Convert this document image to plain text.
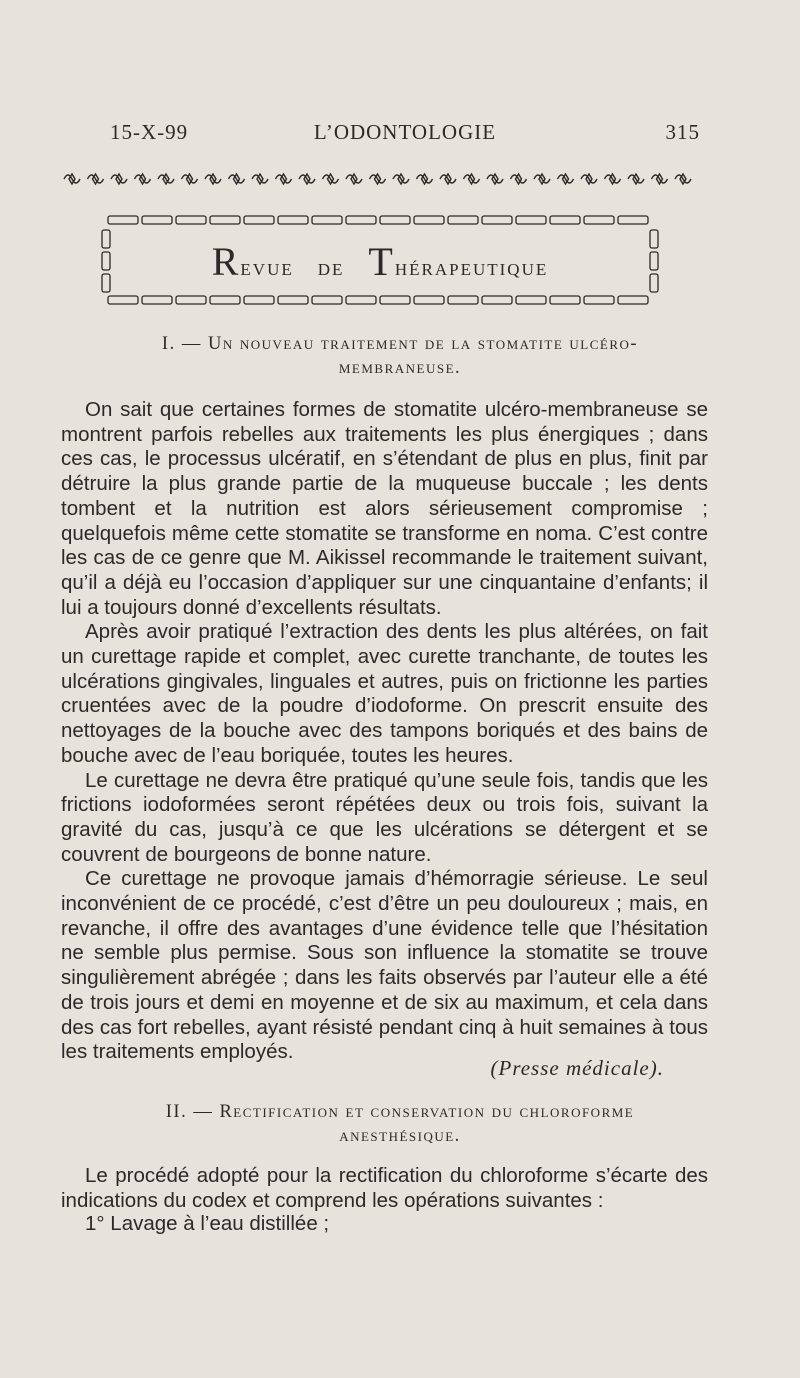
15-X-99	L’ODONTOLOGIE	315
Revue de Thérapeutique
I. — Un nouveau traitement de la stomatite ulcéro-
membraneuse.

On sait que certaines formes de stomatite ulcéro-membraneuse se montrent parfois rebelles aux traitements les plus énergiques ; dans ces cas, le processus ulcératif, en s’étendant de plus en plus, finit par détruire la plus grande partie de la muqueuse buccale ; les dents tombent et la nutrition est alors sérieusement compromise ; quelquefois même cette stomatite se transforme en noma. C’est contre les cas de ce genre que M. Aikissel recommande le traitement suivant, qu’il a déjà eu l’occasion d’appliquer sur une cinquantaine d’enfants; il lui a toujours donné d’excellents résultats.

Après avoir pratiqué l’extraction des dents les plus altérées, on fait un curettage rapide et complet, avec curette tranchante, de toutes les ulcérations gingivales, linguales et autres, puis on frictionne les parties cruentées avec de la poudre d’iodoforme. On prescrit ensuite des nettoyages de la bouche avec des tampons boriqués et des bains de bouche avec de l’eau boriquée, toutes les heures.

Le curettage ne devra être pratiqué qu’une seule fois, tandis que les frictions iodoformées seront répétées deux ou trois fois, suivant la gravité du cas, jusqu’à ce que les ulcérations se détergent et se couvrent de bourgeons de bonne nature.

Ce curettage ne provoque jamais d’hémorragie sérieuse. Le seul inconvénient de ce procédé, c’est d’être un peu douloureux ; mais, en revanche, il offre des avantages d’une évidence telle que l’hésitation ne semble plus permise. Sous son influence la stomatite se trouve singulièrement abrégée ; dans les faits observés par l’auteur elle a été de trois jours et demi en moyenne et de six au maximum, et cela dans des cas fort rebelles, ayant résisté pendant cinq à huit semaines à tous les traitements employés.

(Presse médicale).
II. — Rectification et conservation du chloroforme
anesthésique.

Le procédé adopté pour la rectification du chloroforme s’écarte des indications du codex et comprend les opérations suivantes :

1° Lavage à l’eau distillée ;
